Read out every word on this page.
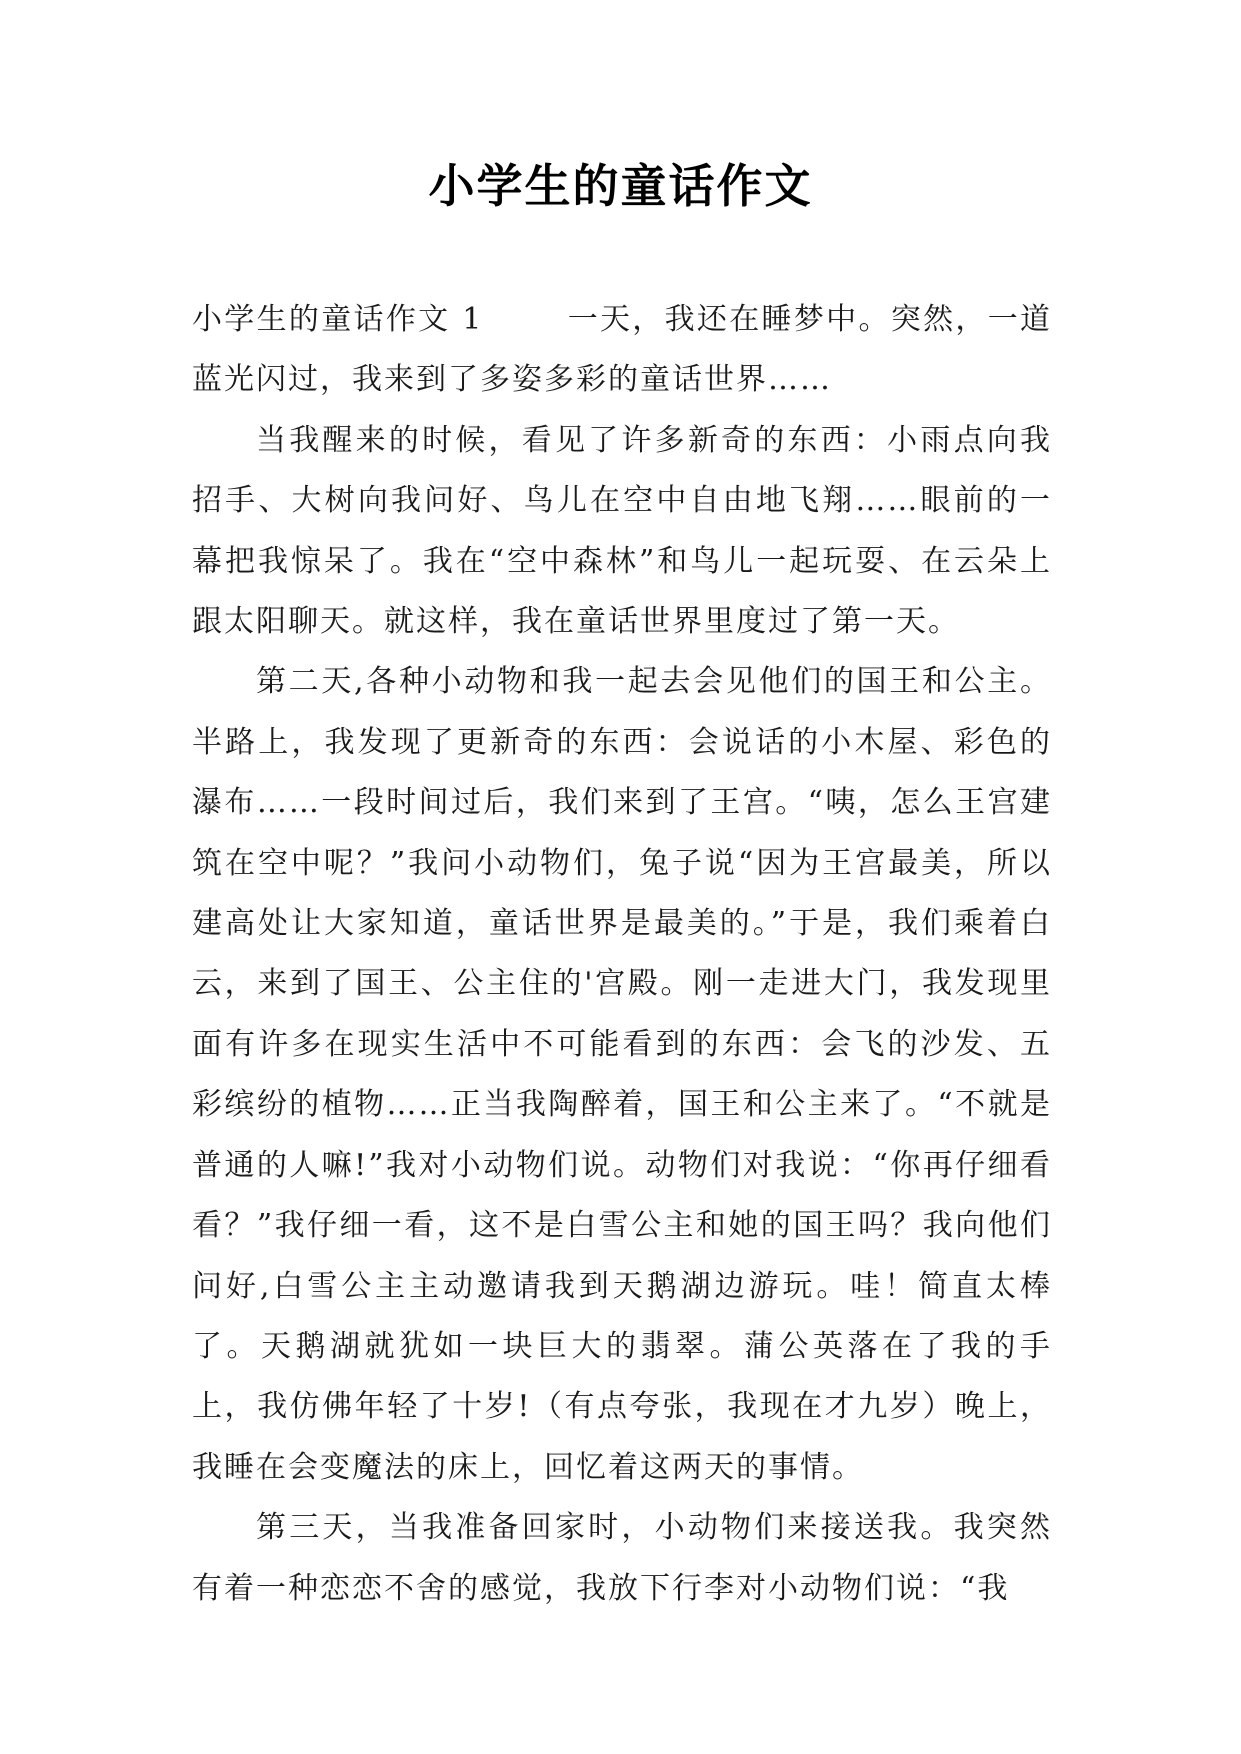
小学生的童话作文

小学生的童话作文 1	一天，我还在睡梦中。突然，一道蓝光闪过，我来到了多姿多彩的童话世界……

当我醒来的时候，看见了许多新奇的东西：小雨点向我招手、大树向我问好、鸟儿在空中自由地飞翔……眼前的一幕把我惊呆了。我在“空中森林”和鸟儿一起玩耍、在云朵上跟太阳聊天。就这样，我在童话世界里度过了第一天。

第二天,各种小动物和我一起去会见他们的国王和公主。半路上，我发现了更新奇的东西：会说话的小木屋、彩色的瀑布……一段时间过后，我们来到了王宫。“咦，怎么王宫建筑在空中呢？”我问小动物们，兔子说“因为王宫最美，所以建高处让大家知道，童话世界是最美的。”于是，我们乘着白云，来到了国王、公主住的'宫殿。刚一走进大门，我发现里面有许多在现实生活中不可能看到的东西：会飞的沙发、五彩缤纷的植物……正当我陶醉着，国王和公主来了。“不就是普通的人嘛!”我对小动物们说。动物们对我说：“你再仔细看看？”我仔细一看，这不是白雪公主和她的国王吗？我向他们问好,白雪公主主动邀请我到天鹅湖边游玩。哇！简直太棒了。天鹅湖就犹如一块巨大的翡翠。蒲公英落在了我的手上，我仿佛年轻了十岁!（有点夸张，我现在才九岁）晚上，我睡在会变魔法的床上，回忆着这两天的事情。

第三天，当我准备回家时，小动物们来接送我。我突然有着一种恋恋不舍的感觉，我放下行李对小动物们说：“我
